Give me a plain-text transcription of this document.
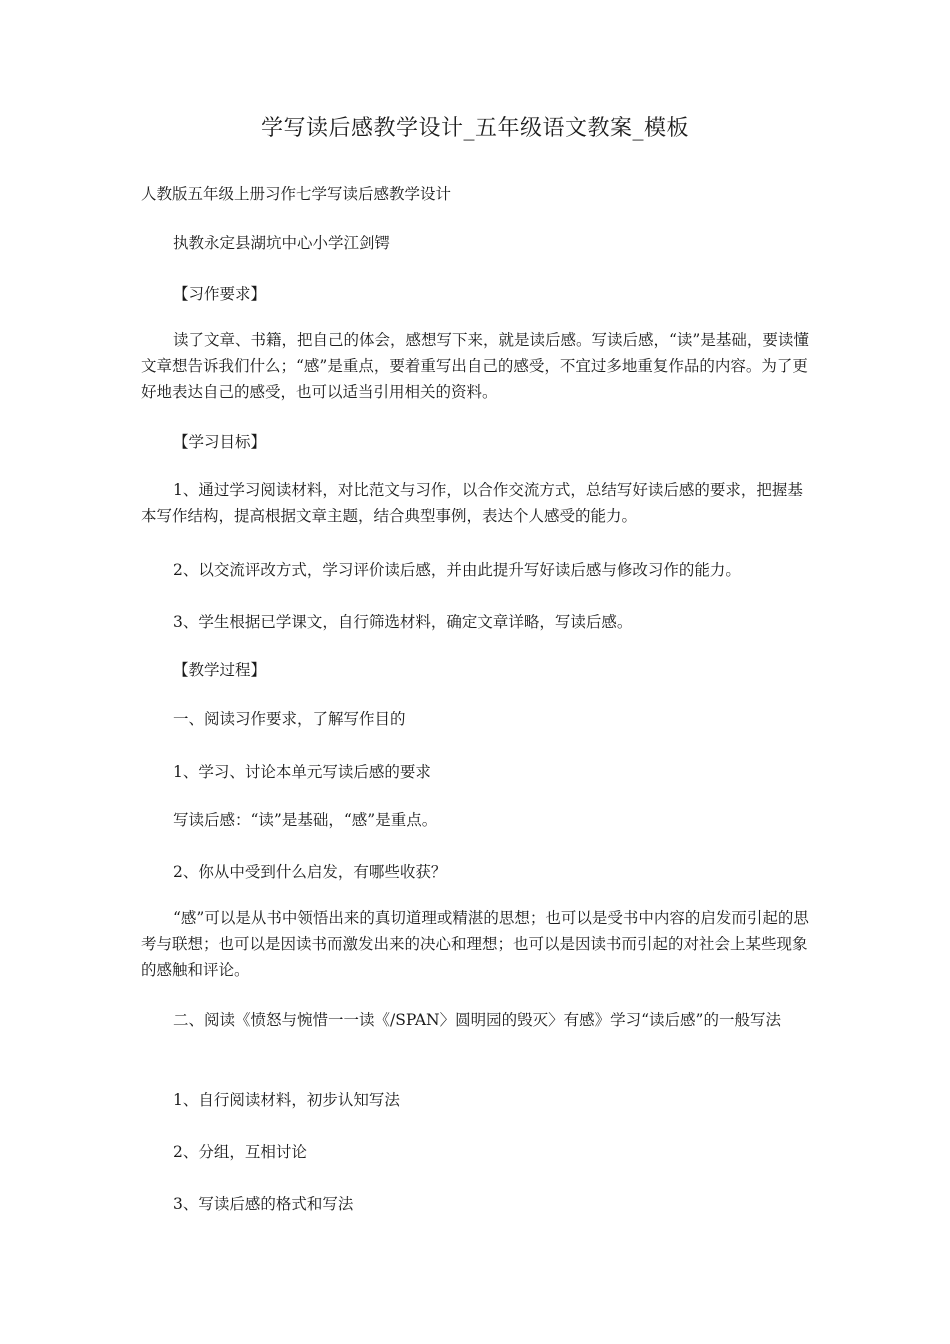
学写读后感教学设计_五年级语文教案_模板

人教版五年级上册习作七学写读后感教学设计

执教永定县湖坑中心小学江剑锷

【习作要求】

读了文章、书籍，把自己的体会，感想写下来，就是读后感。写读后感，“读”是基础，要读懂文章想告诉我们什么；“感”是重点，要着重写出自己的感受，不宜过多地重复作品的内容。为了更好地表达自己的感受，也可以适当引用相关的资料。

【学习目标】

1、通过学习阅读材料，对比范文与习作，以合作交流方式，总结写好读后感的要求，把握基本写作结构，提高根据文章主题，结合典型事例，表达个人感受的能力。

2、以交流评改方式，学习评价读后感，并由此提升写好读后感与修改习作的能力。

3、学生根据已学课文，自行筛选材料，确定文章详略，写读后感。

【教学过程】

一、阅读习作要求，了解写作目的

1、学习、讨论本单元写读后感的要求

写读后感：“读”是基础，“感”是重点。

2、你从中受到什么启发，有哪些收获？

“感”可以是从书中领悟出来的真切道理或精湛的思想；也可以是受书中内容的启发而引起的思考与联想；也可以是因读书而激发出来的决心和理想；也可以是因读书而引起的对社会上某些现象的感触和评论。

二、阅读《愤怒与惋惜一一读《/SPAN〉圆明园的毁灭〉有感》学习“读后感”的一般写法

1、自行阅读材料，初步认知写法

2、分组，互相讨论

3、写读后感的格式和写法
